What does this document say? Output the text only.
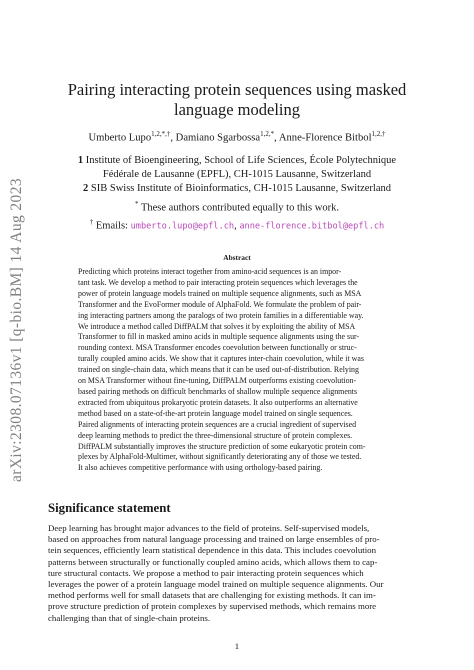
arXiv:2308.07136v1 [q-bio.BM] 14 Aug 2023
Pairing interacting protein sequences using masked
language modeling
Umberto Lupo$^{1,2,*,\dagger}$, Damiano Sgarbossa$^{1,2,*}$, Anne-Florence Bitbol$^{1,2,\dagger}$
1 Institute of Bioengineering, School of Life Sciences, École Polytechnique
Fédérale de Lausanne (EPFL), CH-1015 Lausanne, Switzerland
2 SIB Swiss Institute of Bioinformatics, CH-1015 Lausanne, Switzerland
* These authors contributed equally to this work.
† Emails: umberto.lupo@epfl.ch, anne-florence.bitbol@epfl.ch
Abstract
Predicting which proteins interact together from amino-acid sequences is an impor-
tant task. We develop a method to pair interacting protein sequences which leverages the
power of protein language models trained on multiple sequence alignments, such as MSA
Transformer and the EvoFormer module of AlphaFold. We formulate the problem of pair-
ing interacting partners among the paralogs of two protein families in a differentiable way.
We introduce a method called DiffPALM that solves it by exploiting the ability of MSA
Transformer to fill in masked amino acids in multiple sequence alignments using the sur-
rounding context. MSA Transformer encodes coevolution between functionally or struc-
turally coupled amino acids. We show that it captures inter-chain coevolution, while it was
trained on single-chain data, which means that it can be used out-of-distribution. Relying
on MSA Transformer without fine-tuning, DiffPALM outperforms existing coevolution-
based pairing methods on difficult benchmarks of shallow multiple sequence alignments
extracted from ubiquitous prokaryotic protein datasets. It also outperforms an alternative
method based on a state-of-the-art protein language model trained on single sequences.
Paired alignments of interacting protein sequences are a crucial ingredient of supervised
deep learning methods to predict the three-dimensional structure of protein complexes.
DiffPALM substantially improves the structure prediction of some eukaryotic protein com-
plexes by AlphaFold-Multimer, without significantly deteriorating any of those we tested.
It also achieves competitive performance with using orthology-based pairing.
Significance statement
Deep learning has brought major advances to the field of proteins. Self-supervised models,
based on approaches from natural language processing and trained on large ensembles of pro-
tein sequences, efficiently learn statistical dependence in this data. This includes coevolution
patterns between structurally or functionally coupled amino acids, which allows them to cap-
ture structural contacts. We propose a method to pair interacting protein sequences which
leverages the power of a protein language model trained on multiple sequence alignments. Our
method performs well for small datasets that are challenging for existing methods. It can im-
prove structure prediction of protein complexes by supervised methods, which remains more
challenging than that of single-chain proteins.
1
